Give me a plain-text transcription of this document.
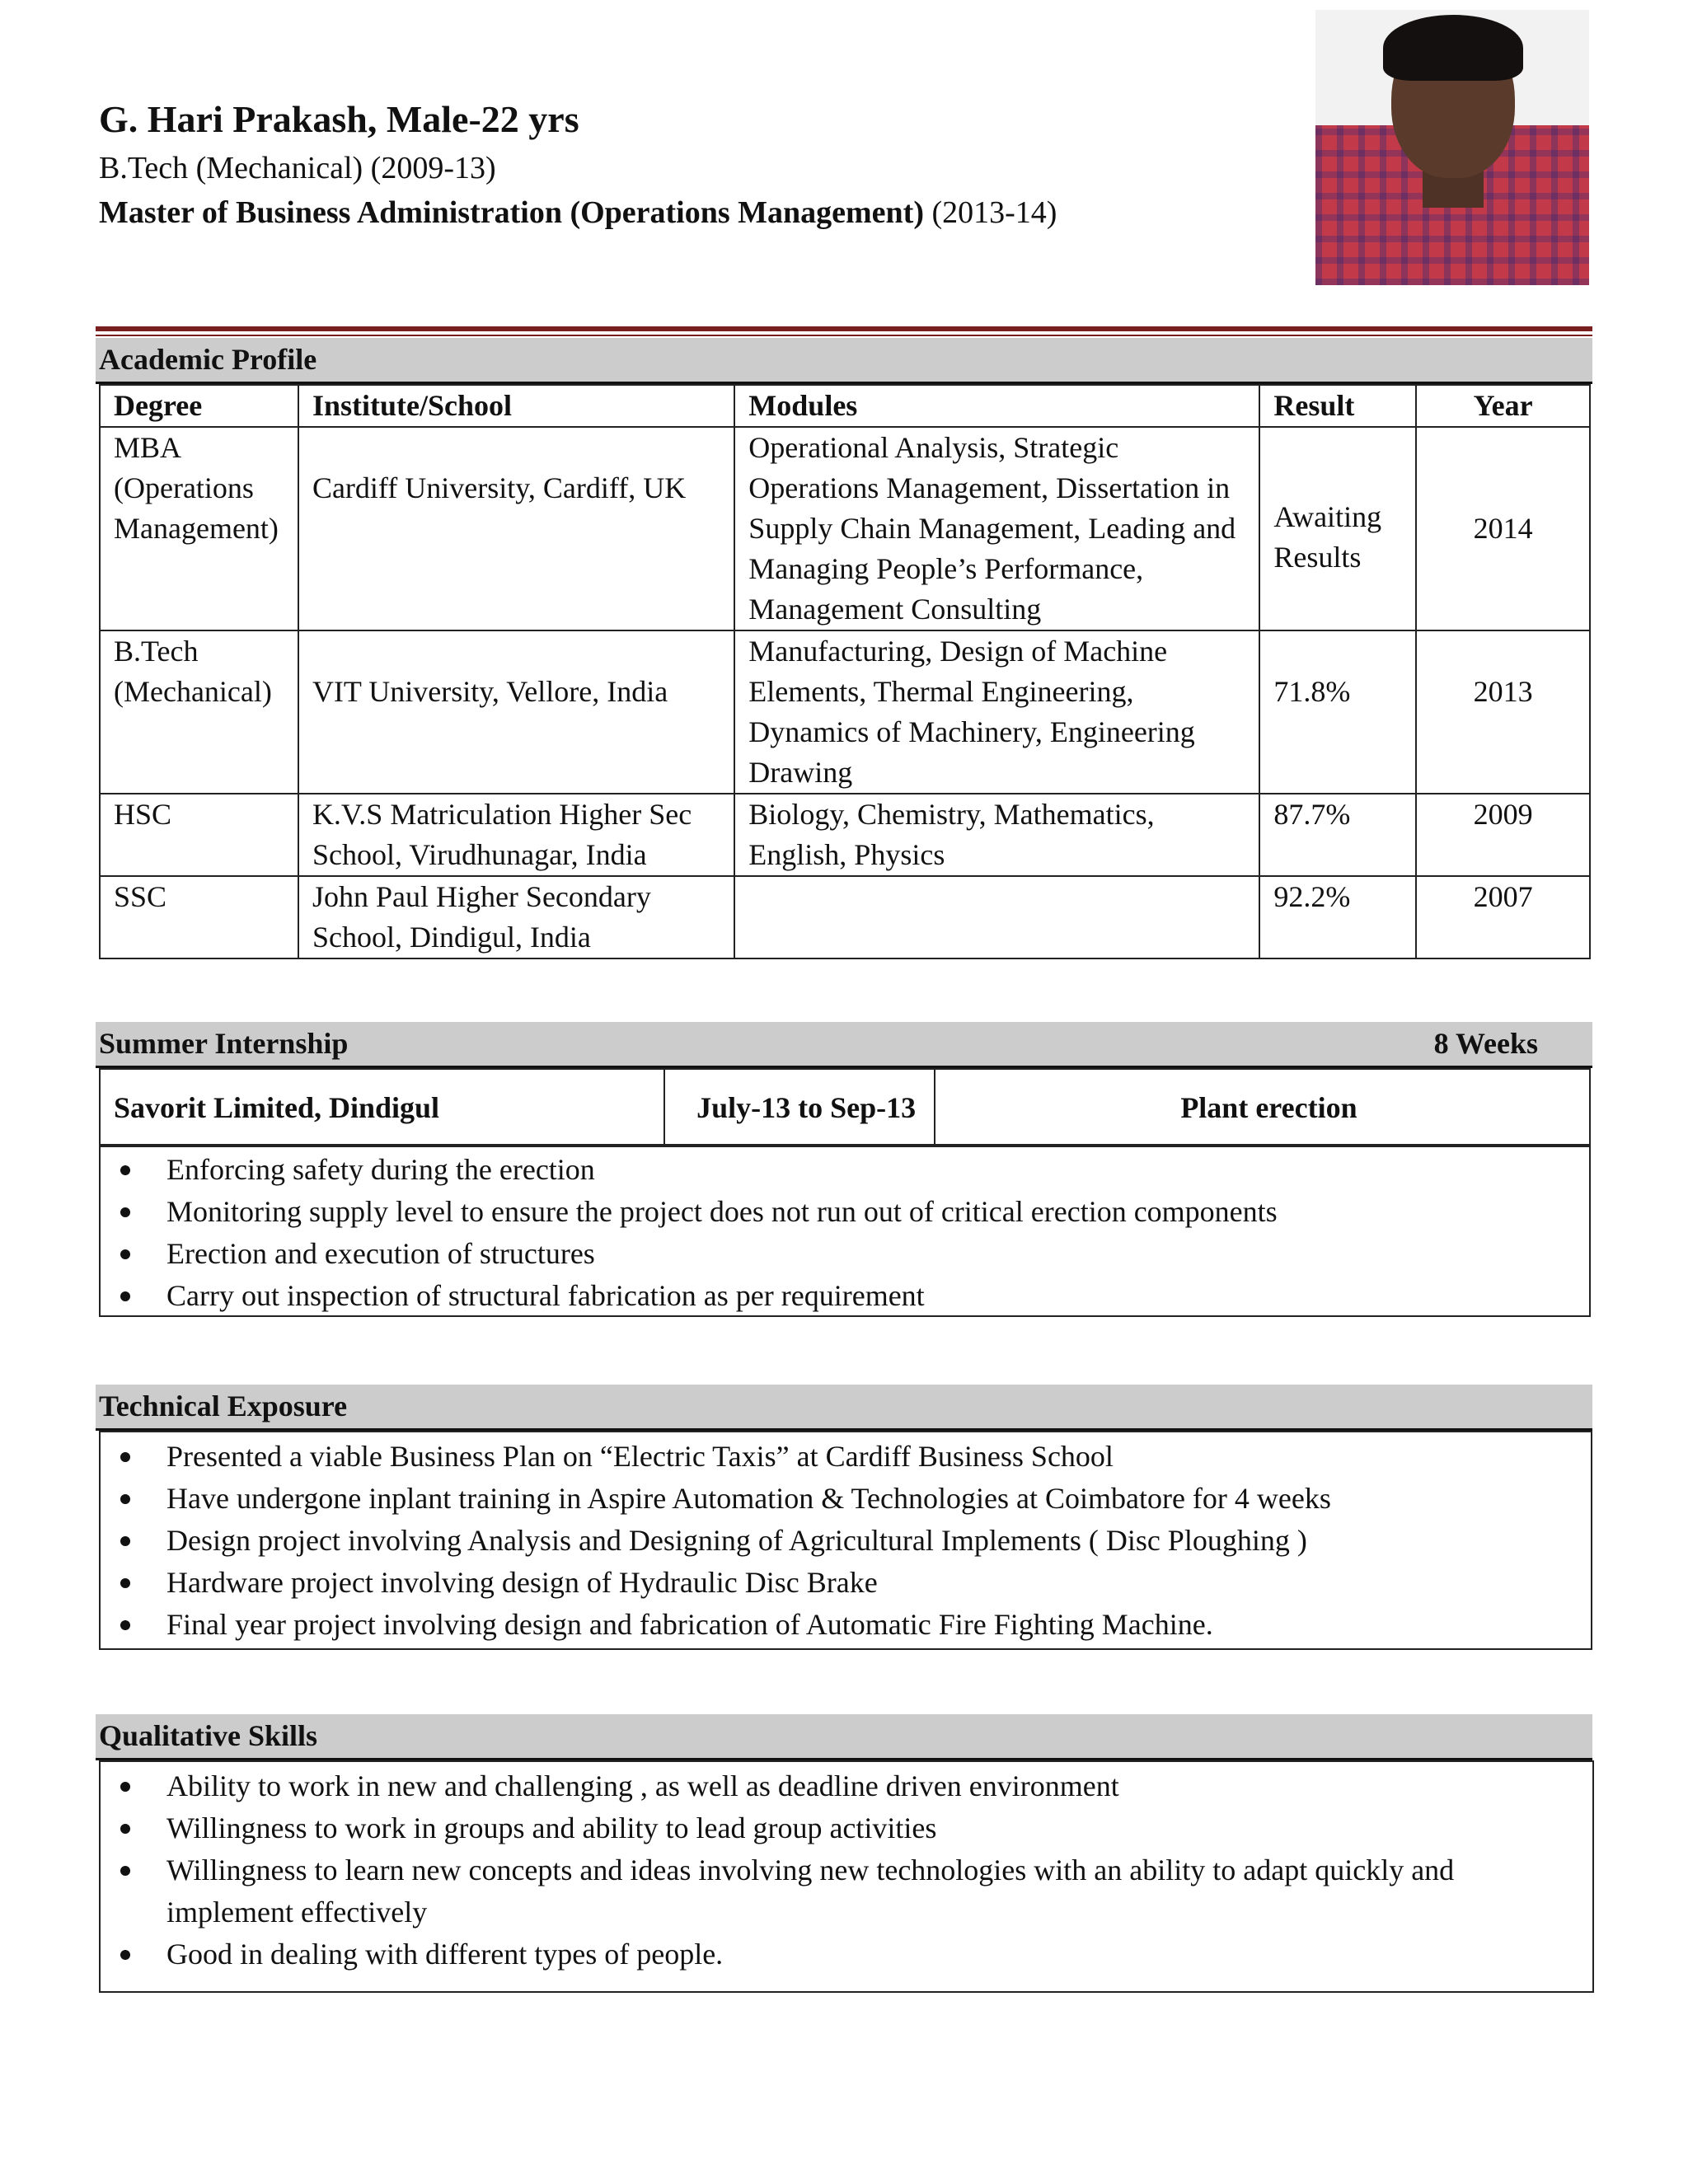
G. Hari Prakash, Male-22 yrs
B.Tech (Mechanical) (2009-13)
Master of Business Administration (Operations Management) (2013-14)
Academic Profile
Degree	Institute/School	Modules	Result	Year

MBA
(Operations
Management)	Cardiff University, Cardiff, UK	Operational Analysis, Strategic Operations Management, Dissertation in Supply Chain Management, Leading and Managing People’s Performance, Management Consulting	Awaiting Results	2014

B.Tech
(Mechanical)	VIT University, Vellore, India	Manufacturing, Design of Machine Elements, Thermal Engineering, Dynamics of Machinery, Engineering Drawing	71.8%	2013

HSC	K.V.S Matriculation Higher Sec School, Virudhunagar, India	Biology, Chemistry, Mathematics, English, Physics	87.7%	2009

SSC	John Paul Higher Secondary School, Dindigul, India		92.2%	2007
Summer Internship	8 Weeks
Savorit Limited, Dindigul	July-13 to Sep-13	Plant erection
Enforcing safety during the erection
Monitoring supply level to ensure the project does not run out of critical erection components
Erection and execution of structures
Carry out inspection of structural fabrication as per requirement
Technical Exposure
Presented a viable Business Plan on “Electric Taxis” at Cardiff Business School
Have undergone inplant training in Aspire Automation & Technologies at Coimbatore for 4 weeks
Design project involving Analysis and Designing of Agricultural Implements ( Disc Ploughing )
Hardware project involving design of Hydraulic Disc Brake
Final year project involving design and fabrication of Automatic Fire Fighting Machine.
Qualitative Skills
Ability to work in new and challenging , as well as deadline driven environment
Willingness to work in groups and ability to lead group activities
Willingness to learn new concepts and ideas involving new technologies with an ability to adapt quickly and implement effectively
Good in dealing with different types of people.
